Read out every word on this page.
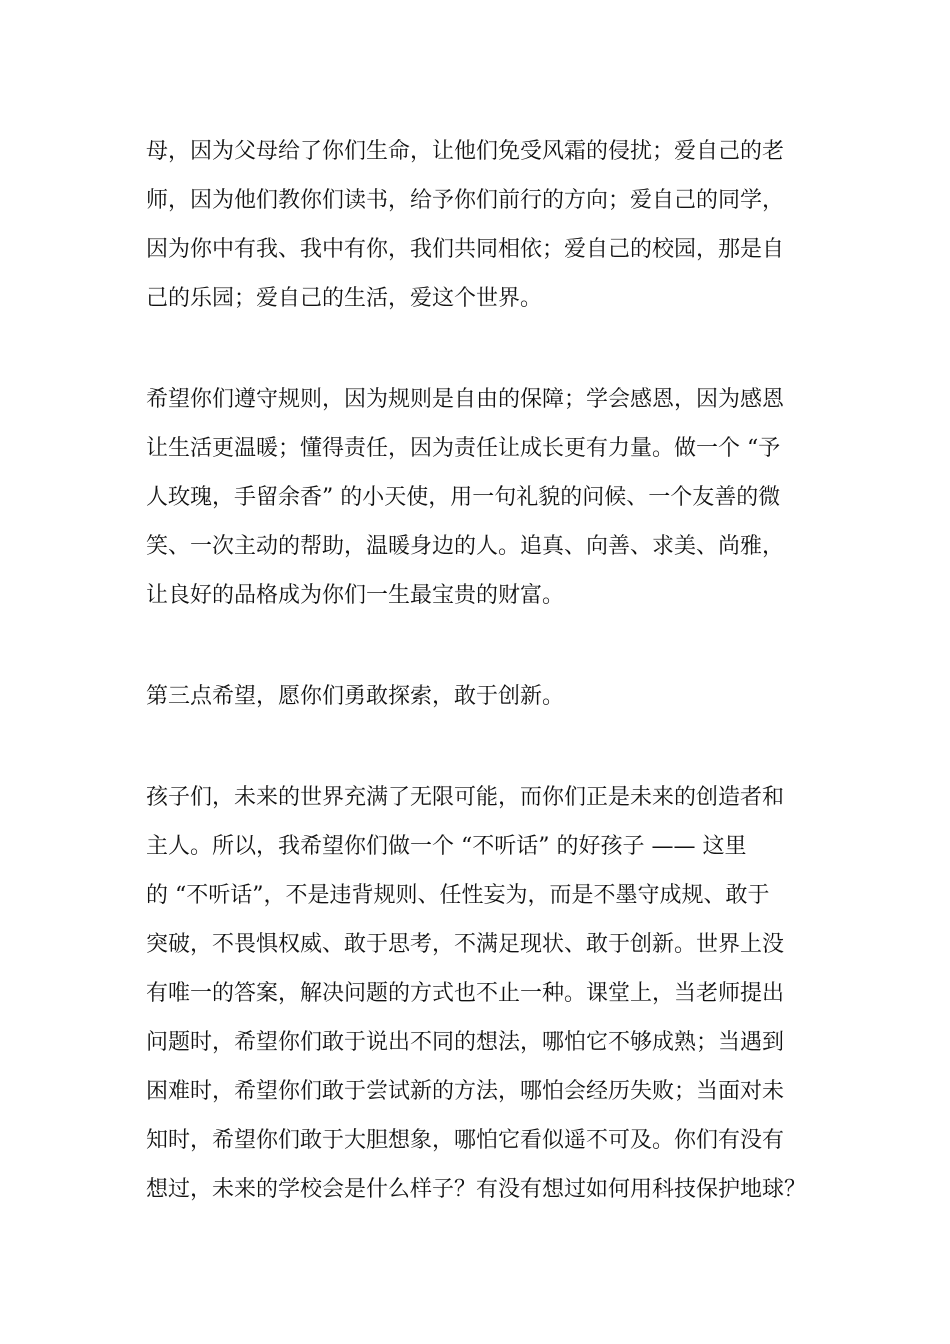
母，因为父母给了你们生命，让他们免受风霜的侵扰；爱自己的老
师，因为他们教你们读书，给予你们前行的方向；爱自己的同学，
因为你中有我、我中有你，我们共同相依；爱自己的校园，那是自
己的乐园；爱自己的生活，爱这个世界。
希望你们遵守规则，因为规则是自由的保障；学会感恩，因为感恩
让生活更温暖；懂得责任，因为责任让成长更有力量。做一个 “予
人玫瑰，手留余香” 的小天使，用一句礼貌的问候、一个友善的微
笑、一次主动的帮助，温暖身边的人。追真、向善、求美、尚雅，
让良好的品格成为你们一生最宝贵的财富。
第三点希望，愿你们勇敢探索，敢于创新。
孩子们，未来的世界充满了无限可能，而你们正是未来的创造者和
主人。所以，我希望你们做一个 “不听话” 的好孩子 —— 这里
的 “不听话”，不是违背规则、任性妄为，而是不墨守成规、敢于
突破，不畏惧权威、敢于思考，不满足现状、敢于创新。世界上没
有唯一的答案，解决问题的方式也不止一种。课堂上，当老师提出
问题时，希望你们敢于说出不同的想法，哪怕它不够成熟；当遇到
困难时，希望你们敢于尝试新的方法，哪怕会经历失败；当面对未
知时，希望你们敢于大胆想象，哪怕它看似遥不可及。你们有没有
想过，未来的学校会是什么样子？有没有想过如何用科技保护地球？
